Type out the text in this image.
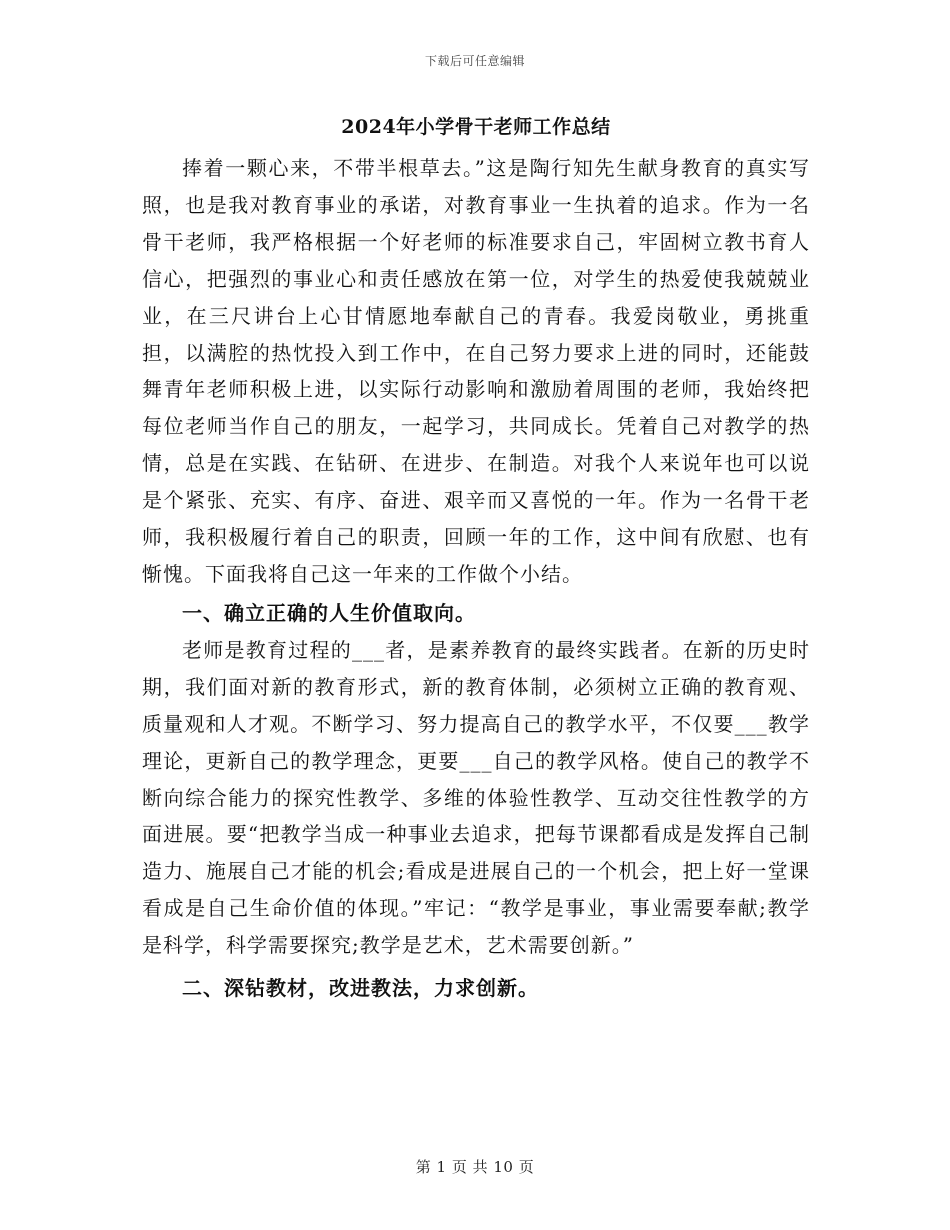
下载后可任意编辑
2024年小学骨干老师工作总结

捧着一颗心来，不带半根草去。”这是陶行知先生献身教育的真实写照，也是我对教育事业的承诺，对教育事业一生执着的追求。作为一名骨干老师，我严格根据一个好老师的标准要求自己，牢固树立教书育人信心，把强烈的事业心和责任感放在第一位，对学生的热爱使我兢兢业业，在三尺讲台上心甘情愿地奉献自己的青春。我爱岗敬业，勇挑重担，以满腔的热忱投入到工作中，在自己努力要求上进的同时，还能鼓舞青年老师积极上进，以实际行动影响和激励着周围的老师，我始终把每位老师当作自己的朋友，一起学习，共同成长。凭着自己对教学的热情，总是在实践、在钻研、在进步、在制造。对我个人来说年也可以说是个紧张、充实、有序、奋进、艰辛而又喜悦的一年。作为一名骨干老师，我积极履行着自己的职责，回顾一年的工作，这中间有欣慰、也有惭愧。下面我将自己这一年来的工作做个小结。

一、确立正确的人生价值取向。

老师是教育过程的___者，是素养教育的最终实践者。在新的历史时期，我们面对新的教育形式，新的教育体制，必须树立正确的教育观、质量观和人才观。不断学习、努力提高自己的教学水平，不仅要___教学理论，更新自己的教学理念，更要___自己的教学风格。使自己的教学不断向综合能力的探究性教学、多维的体验性教学、互动交往性教学的方面进展。要“把教学当成一种事业去追求，把每节课都看成是发挥自己制造力、施展自己才能的机会;看成是进展自己的一个机会，把上好一堂课看成是自己生命价值的体现。”牢记：“教学是事业，事业需要奉献;教学是科学，科学需要探究;教学是艺术，艺术需要创新。”

二、深钻教材，改进教法，力求创新。
第 1 页 共 10 页
